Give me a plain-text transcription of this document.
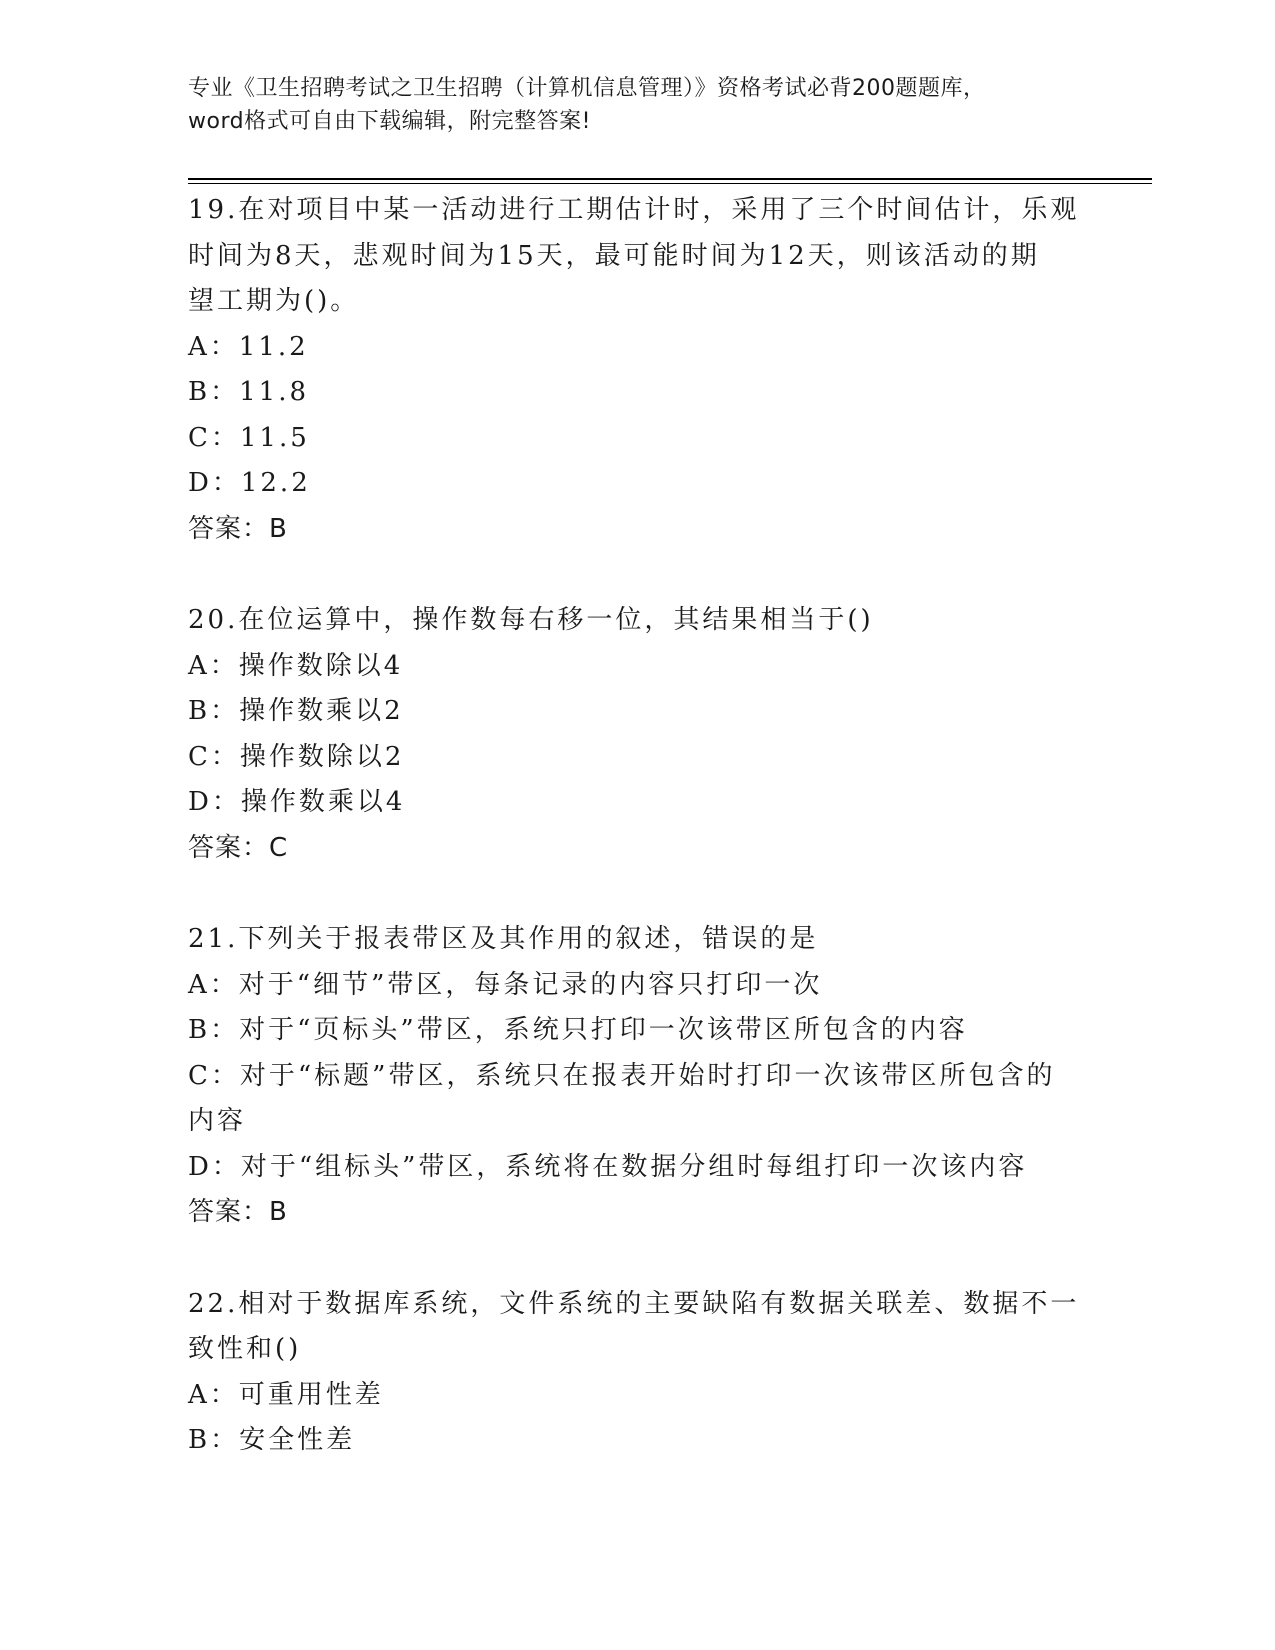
专业《卫生招聘考试之卫生招聘（计算机信息管理）》资格考试必背200题题库，
word格式可自由下载编辑，附完整答案!
19.在对项目中某一活动进行工期估计时，采用了三个时间估计，乐观
时间为8天，悲观时间为15天，最可能时间为12天，则该活动的期
望工期为()。
A：11.2
B：11.8
C：11.5
D：12.2
答案：B
20.在位运算中，操作数每右移一位，其结果相当于()
A：操作数除以4
B：操作数乘以2
C：操作数除以2
D：操作数乘以4
答案：C
21.下列关于报表带区及其作用的叙述，错误的是
A：对于“细节”带区，每条记录的内容只打印一次
B：对于“页标头”带区，系统只打印一次该带区所包含的内容
C：对于“标题”带区，系统只在报表开始时打印一次该带区所包含的
内容
D：对于“组标头”带区，系统将在数据分组时每组打印一次该内容
答案：B
22.相对于数据库系统，文件系统的主要缺陷有数据关联差、数据不一
致性和()
A：可重用性差
B：安全性差
